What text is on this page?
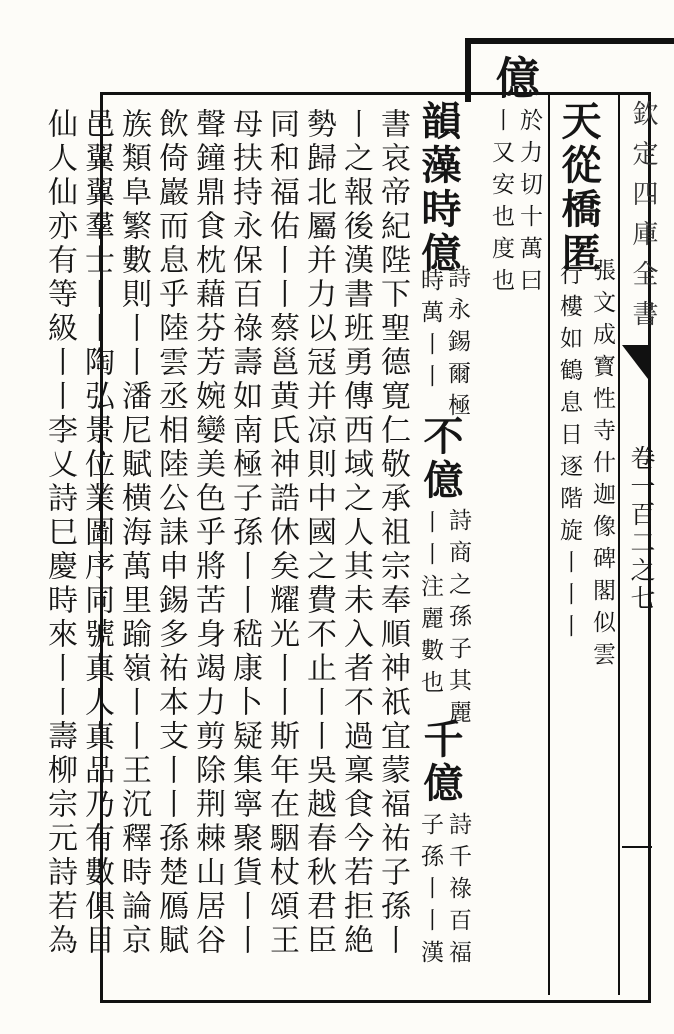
欽定四庫全書
卷一百二之七
天從橋匿
張文成寳性寺什迦像碑閣似雲
行樓如鶴息日逐階旋丨丨丨
億
於力切十萬曰
丨又安也度也
韻藻時億
詩永錫爾極
時萬丨丨
不億
詩商之孫子其麗
丨丨注麗數也
千億
詩千祿百福
子孫丨丨漢
書哀帝紀陛下聖德寛仁敬承祖宗奉順神祇宜蒙福祐子孫丨
丨之報後漢書班勇傳西域之人其未入者不過稟食今若拒絶
勢歸北屬并力以冦并凉則中國之費不止丨丨吳越春秋君臣
同和福佑丨丨蔡邕黄氏神誥休矣耀光丨丨斯年在駰杖頌王
母扶持永保百祿壽如南極子孫丨丨嵇康卜疑集寧聚貨丨丨
聲鐘鼎食枕藉芬芳婉孌美色乎將苦身竭力剪除荆棘山居谷
飲倚巖而息乎陸雲丞相陸公誄申錫多祐本支丨丨孫楚鴈賦
族類阜繁數則丨丨潘尼賦横海萬里踰嶺丨丨王沉釋時論京
邑翼翼羣士丨丨陶弘景位業圖序同號真人真品乃有數俱目
仙人仙亦有等級丨丨李乂詩巳慶時來丨丨壽柳宗元詩若為
